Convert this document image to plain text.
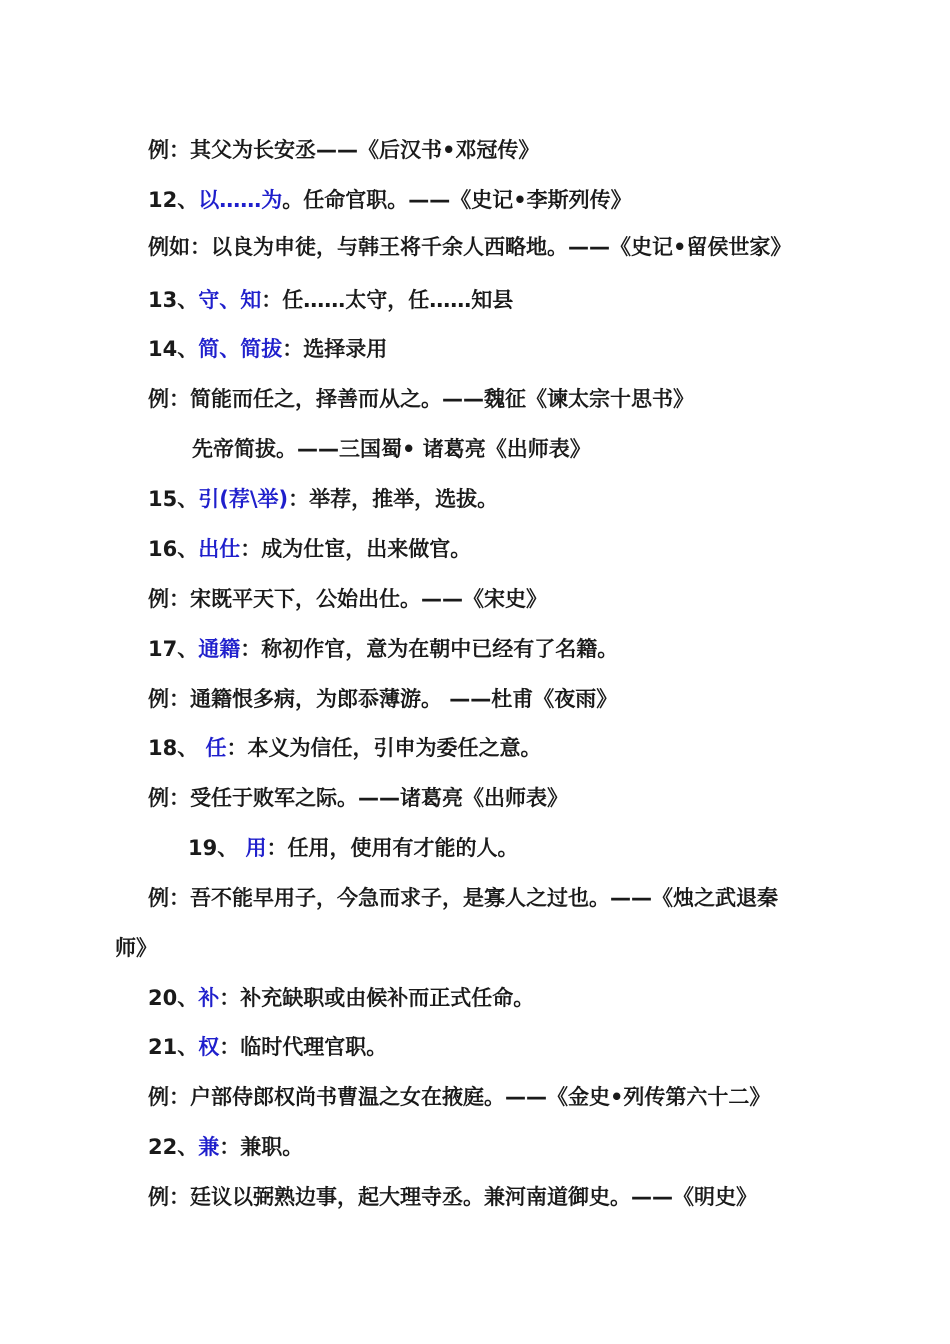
例：其父为长安丞——《后汉书•邓冠传》
12、以……为。任命官职。——《史记•李斯列传》
例如：以良为申徒，与韩王将千余人西略地。——《史记•留侯世家》
13、守、知：任……太守，任……知县
14、简、简拔：选择录用
例：简能而任之，择善而从之。——魏征《谏太宗十思书》
先帝简拔。——三国蜀• 诸葛亮《出师表》
15、引(荐\举)：举荐，推举，选拔。
16、出仕：成为仕宦，出来做官。
例：宋既平天下，公始出仕。——《宋史》
17、通籍：称初作官，意为在朝中已经有了名籍。
例：通籍恨多病，为郎忝薄游。 ——杜甫《夜雨》
18、 任：本义为信任，引申为委任之意。
例：受任于败军之际。——诸葛亮《出师表》
19、 用：任用，使用有才能的人。
例：吾不能早用子，今急而求子，是寡人之过也。——《烛之武退秦
师》
20、补：补充缺职或由候补而正式任命。
21、权：临时代理官职。
例：户部侍郎权尚书曹温之女在掖庭。——《金史•列传第六十二》
22、兼：兼职。
例：廷议以弼熟边事，起大理寺丞。兼河南道御史。——《明史》
